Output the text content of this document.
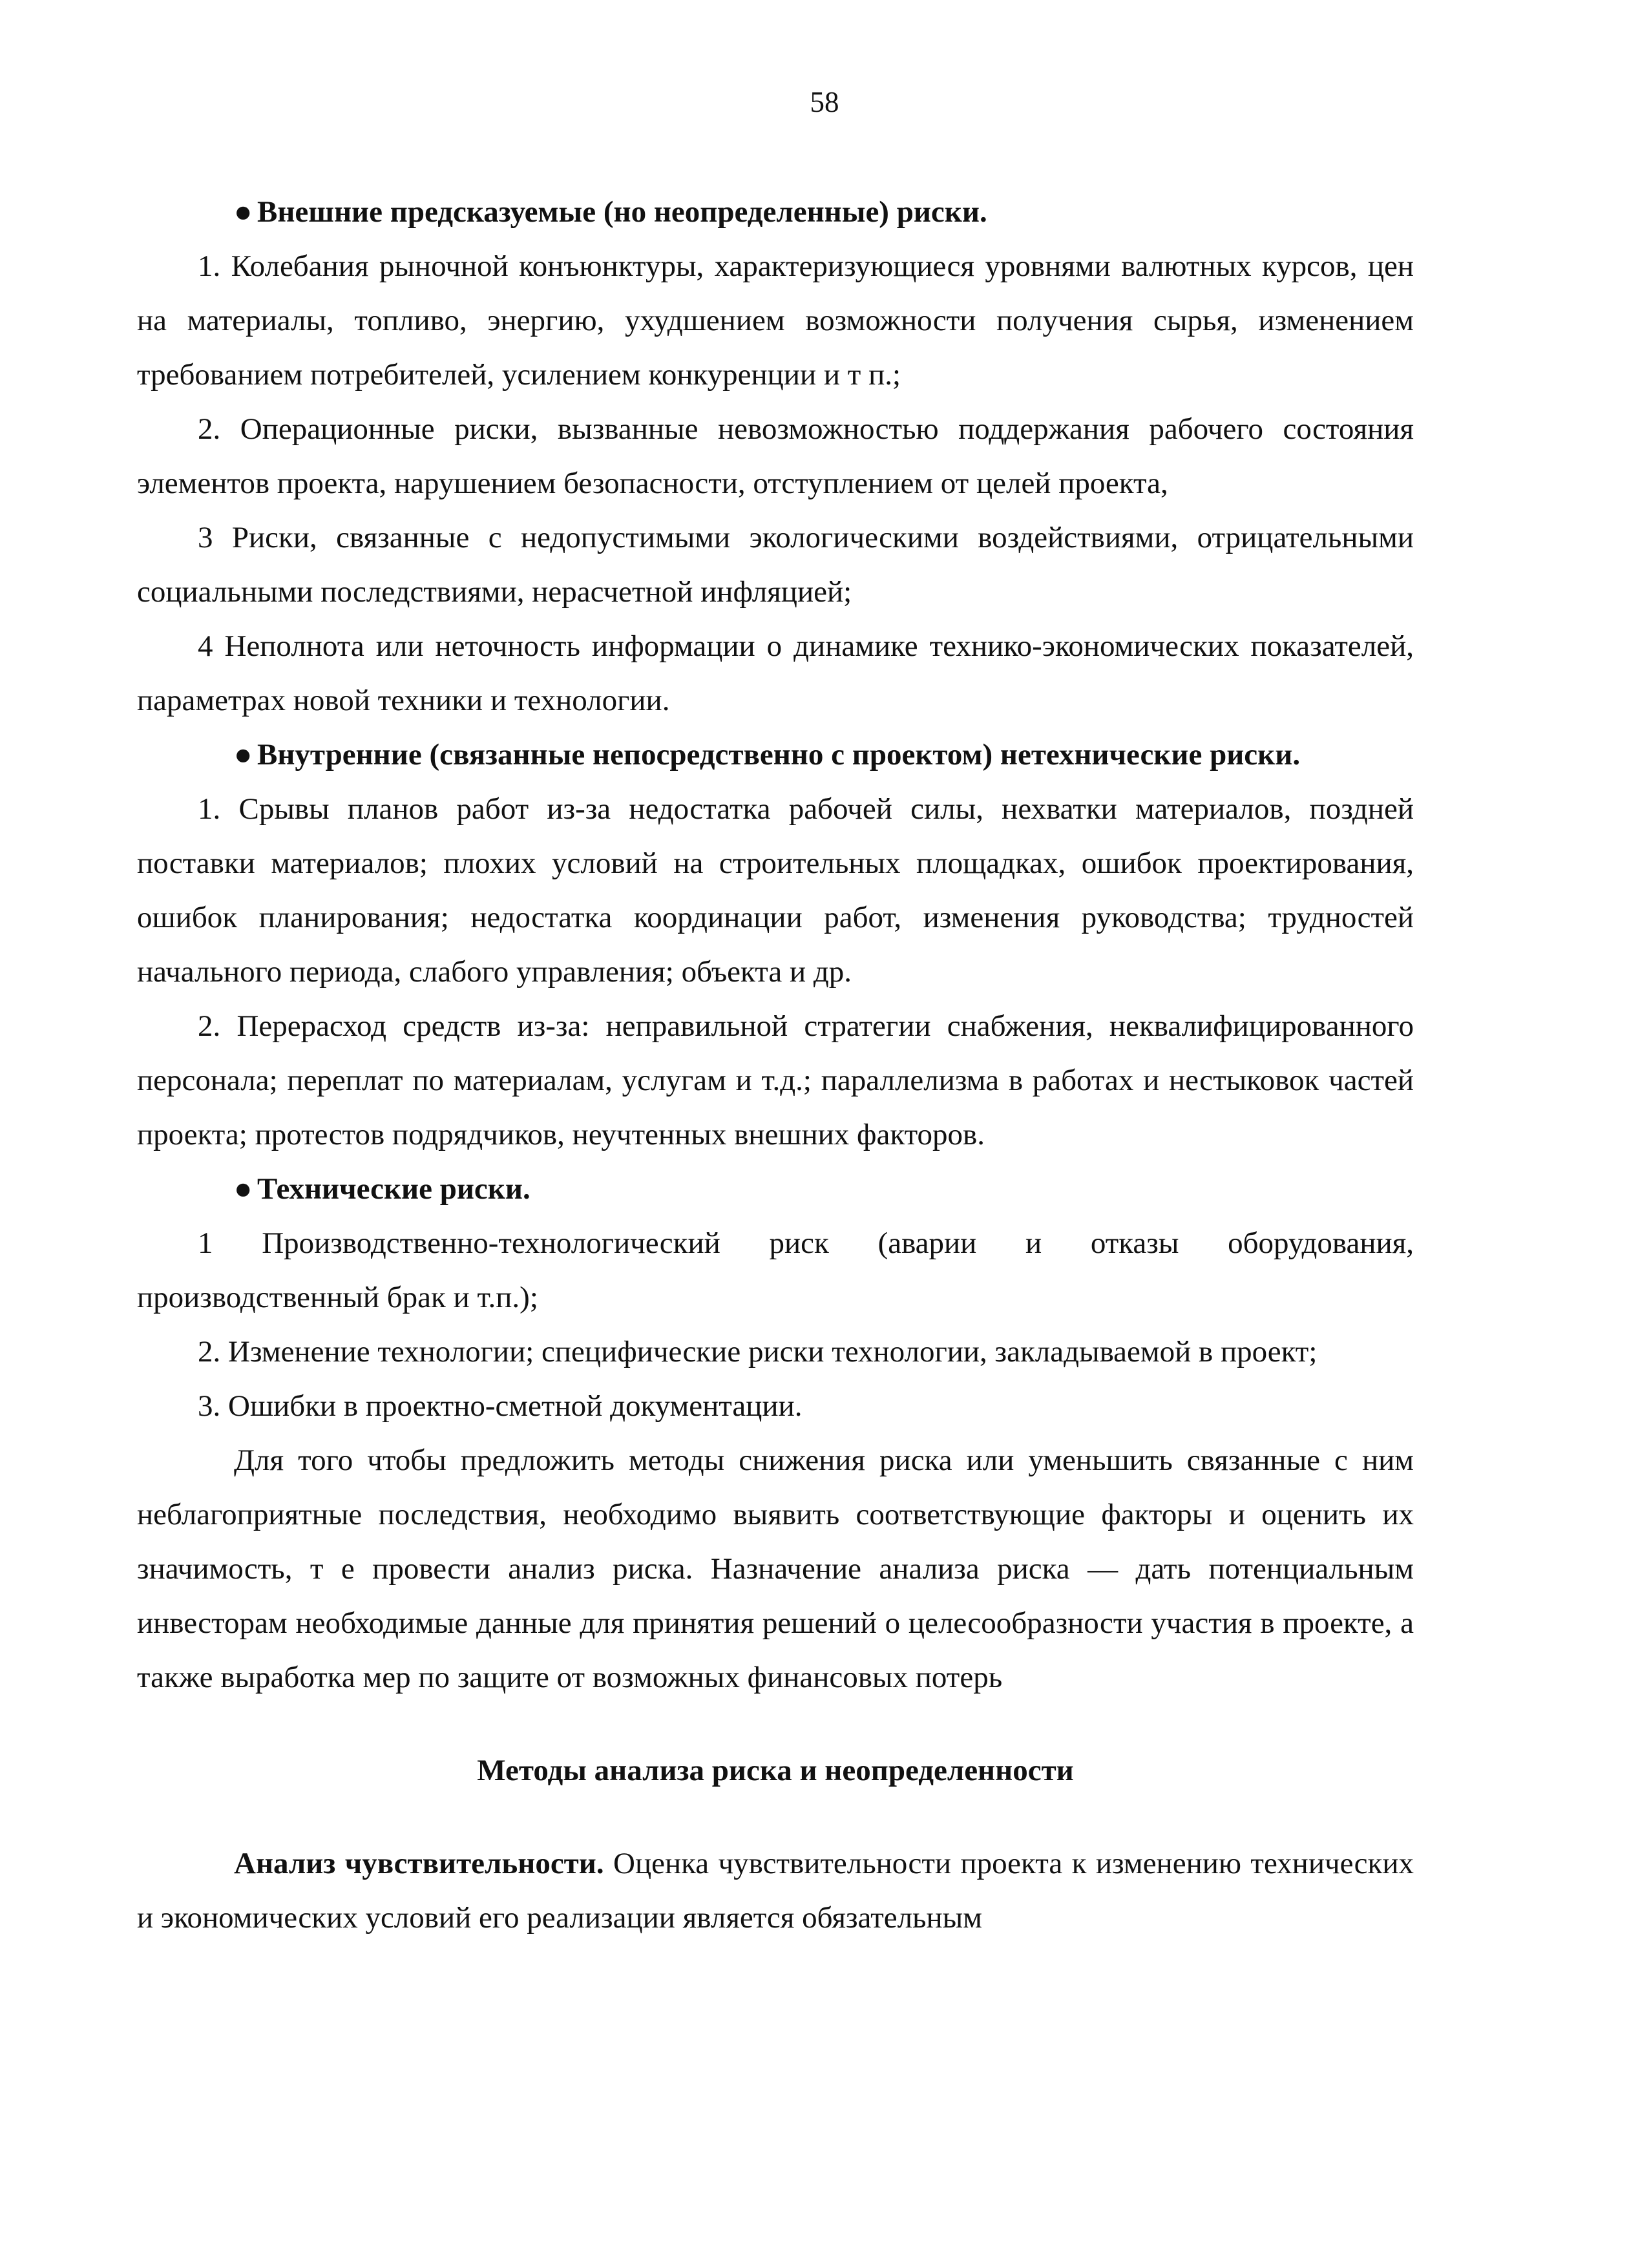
58

● Внешние предсказуемые (но неопределенные) риски.

1. Колебания рыночной конъюнктуры, характеризующиеся уровнями валютных курсов, цен на материалы, топливо, энергию, ухудшением возможности получения сырья, изменением требованием потребителей, усилением конкуренции и т п.;

2. Операционные риски, вызванные невозможностью поддержания рабочего состояния элементов проекта, нарушением безопасности, отступлением от целей проекта,

3 Риски, связанные с недопустимыми экологическими воздействиями, отрицательными социальными последствиями, нерасчетной инфляцией;

4 Неполнота или неточность информации о динамике технико-экономических показателей, параметрах новой техники и технологии.

● Внутренние (связанные непосредственно с проектом) нетехнические риски.

1. Срывы планов работ из-за недостатка рабочей силы, нехватки материалов, поздней поставки материалов; плохих условий на строительных площадках, ошибок проектирования, ошибок планирования; недостатка координации работ, изменения руководства; трудностей начального периода, слабого управления; объекта и др.

2. Перерасход средств из-за: неправильной стратегии снабжения, неквалифицированного персонала; переплат по материалам, услугам и т.д.; параллелизма в работах и нестыковок частей проекта; протестов подрядчиков, неучтенных внешних факторов.

● Технические риски.

1 Производственно-технологический риск (аварии и отказы оборудования, производственный брак и т.п.);

2. Изменение технологии; специфические риски технологии, закладываемой в проект;

3. Ошибки в проектно-сметной документации.

Для того чтобы предложить методы снижения риска или уменьшить связанные с ним неблагоприятные последствия, необходимо выявить соответствующие факторы и оценить их значимость, т е провести анализ риска. Назначение анализа риска — дать потенциальным инвесторам необходимые данные для принятия решений о целесообразности участия в проекте, а также выработка мер по защите от возможных финансовых потерь

Методы анализа риска и неопределенности

Анализ чувствительности. Оценка чувствительности проекта к изменению технических и экономических условий его реализации является обязательным
